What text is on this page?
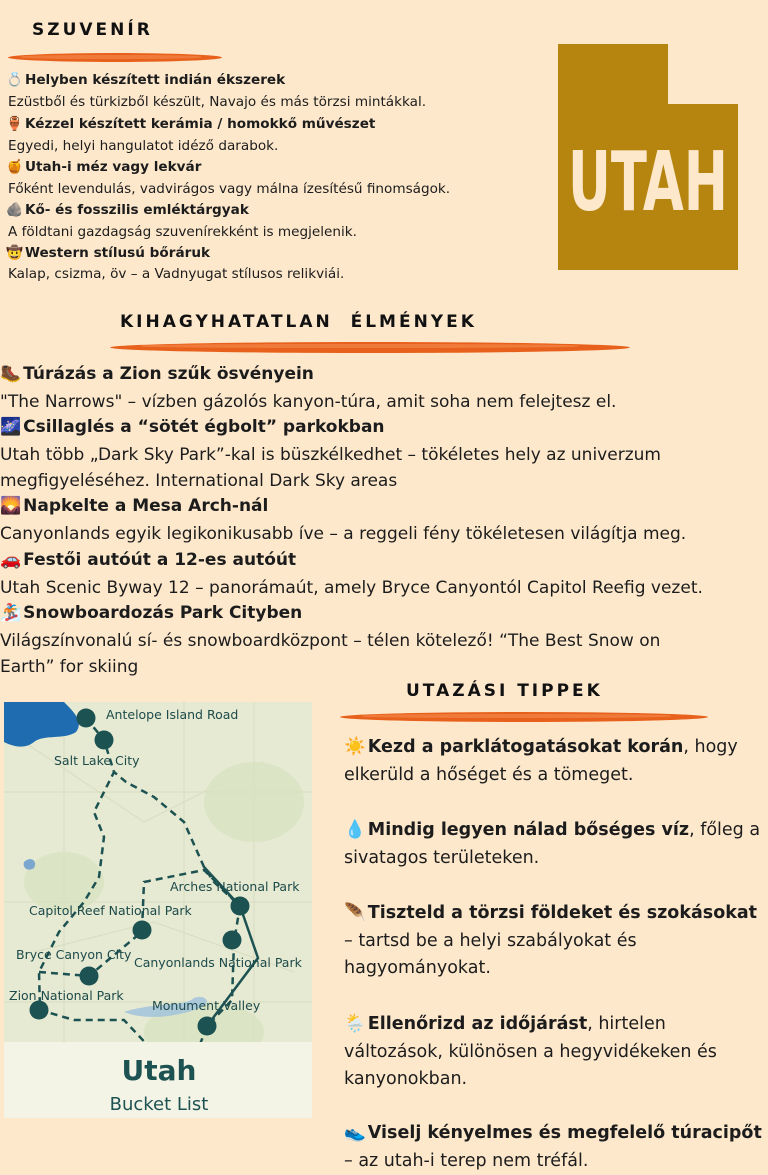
SZUVENÍR
💍 Helyben készített indián ékszerek
Ezüstből és türkizből készült, Navajo és más törzsi mintákkal.
🏺 Kézzel készített kerámia / homokkő művészet
Egyedi, helyi hangulatot idéző darabok.
🍯 Utah-i méz vagy lekvár
Főként levendulás, vadvirágos vagy málna ízesítésű finomságok.
🪨 Kő- és fosszilis emléktárgyak
A földtani gazdagság szuvenírekként is megjelenik.
🤠 Western stílusú bőráruk
Kalap, csizma, öv – a Vadnyugat stílusos relikviái.
UTAH
KIHAGYHATATLAN  ÉLMÉNYEK
🥾 Túrázás a Zion szűk ösvényein
"The Narrows" – vízben gázolós kanyon-túra, amit soha nem felejtesz el.
🌌 Csillaglés a “sötét égbolt” parkokban
Utah több „Dark Sky Park”-kal is büszkélkedhet – tökéletes hely az univerzum
megfigyeléséhez. International Dark Sky areas
🌄 Napkelte a Mesa Arch-nál
Canyonlands egyik legikonikusabb íve – a reggeli fény tökéletesen világítja meg.
🚗 Festői autóút a 12-es autóút
Utah Scenic Byway 12 – panorámaút, amely Bryce Canyontól Capitol Reefig vezet.
🏂 Snowboardozás Park Cityben
Világszínvonalú sí- és snowboardközpont – télen kötelező! “The Best Snow on
Earth” for skiing
Antelope Island Road
Salt Lake City
Arches National Park
Capitol Reef National Park
Bryce Canyon City
Canyonlands National Park
Zion National Park
Monument Valley
Utah
Bucket List
UTAZÁSI TIPPEK
☀️ Kezd a parklátogatásokat korán, hogy elkerüld a hőséget és a tömeget.
💧 Mindig legyen nálad bőséges víz, főleg a sivatagos területeken.
🪶 Tiszteld a törzsi földeket és szokásokat – tartsd be a helyi szabályokat és hagyományokat.
🌦️ Ellenőrizd az időjárást, hirtelen változások, különösen a hegyvidékeken és kanyonokban.
👟 Viselj kényelmes és megfelelő túracipőt – az utah-i terep nem tréfál.
